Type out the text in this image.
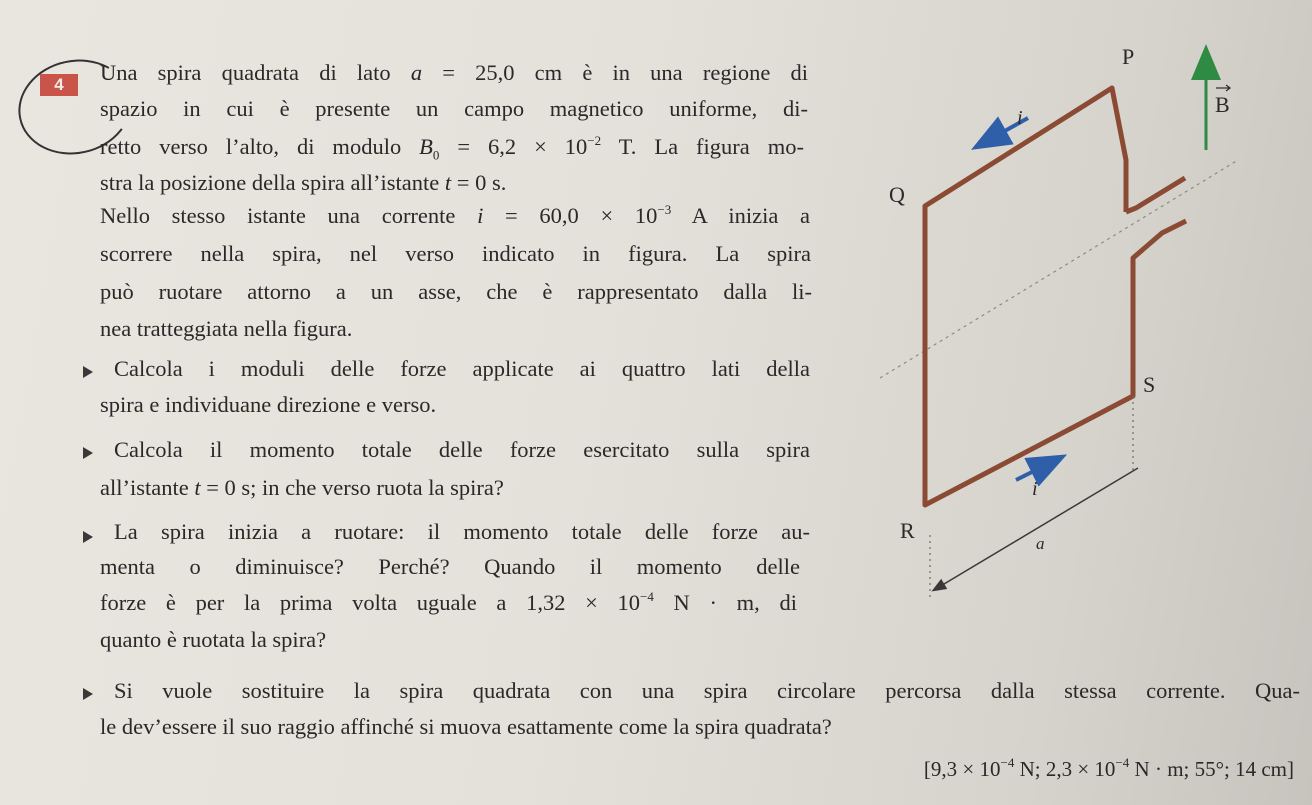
4	Una spira quadrata di lato a = 25,0 cm è in una regione di
spazio in cui è presente un campo magnetico uniforme, di-
retto verso l’alto, di modulo $B_0 = 6,2 \times 10^{-2}$ T. La figura mo-
stra la posizione della spira all’istante t = 0 s.
Nello stesso istante una corrente $i = 60,0 \times 10^{-3}$ A inizia a
scorrere nella spira, nel verso indicato in figura. La spira
può ruotare attorno a un asse, che è rappresentato dalla li-
nea tratteggiata nella figura.
Calcola i moduli delle forze applicate ai quattro lati della
spira e individuane direzione e verso.
Calcola il momento totale delle forze esercitato sulla spira
all’istante t = 0 s; in che verso ruota la spira?
La spira inizia a ruotare: il momento totale delle forze au-
menta o diminuisce? Perché? Quando il momento delle
forze è per la prima volta uguale a $1,32 \times 10^{-4}$ N · m, di
quanto è ruotata la spira?
Si vuole sostituire la spira quadrata con una spira circolare percorsa dalla stessa corrente. Qua-
le dev’essere il suo raggio affinché si muova esattamente come la spira quadrata?
[$9,3 \times 10^{-4}$ N; $2,3 \times 10^{-4}$ N · m; 55°; 14 cm]
P
Q
R
S
i
i
a
B
